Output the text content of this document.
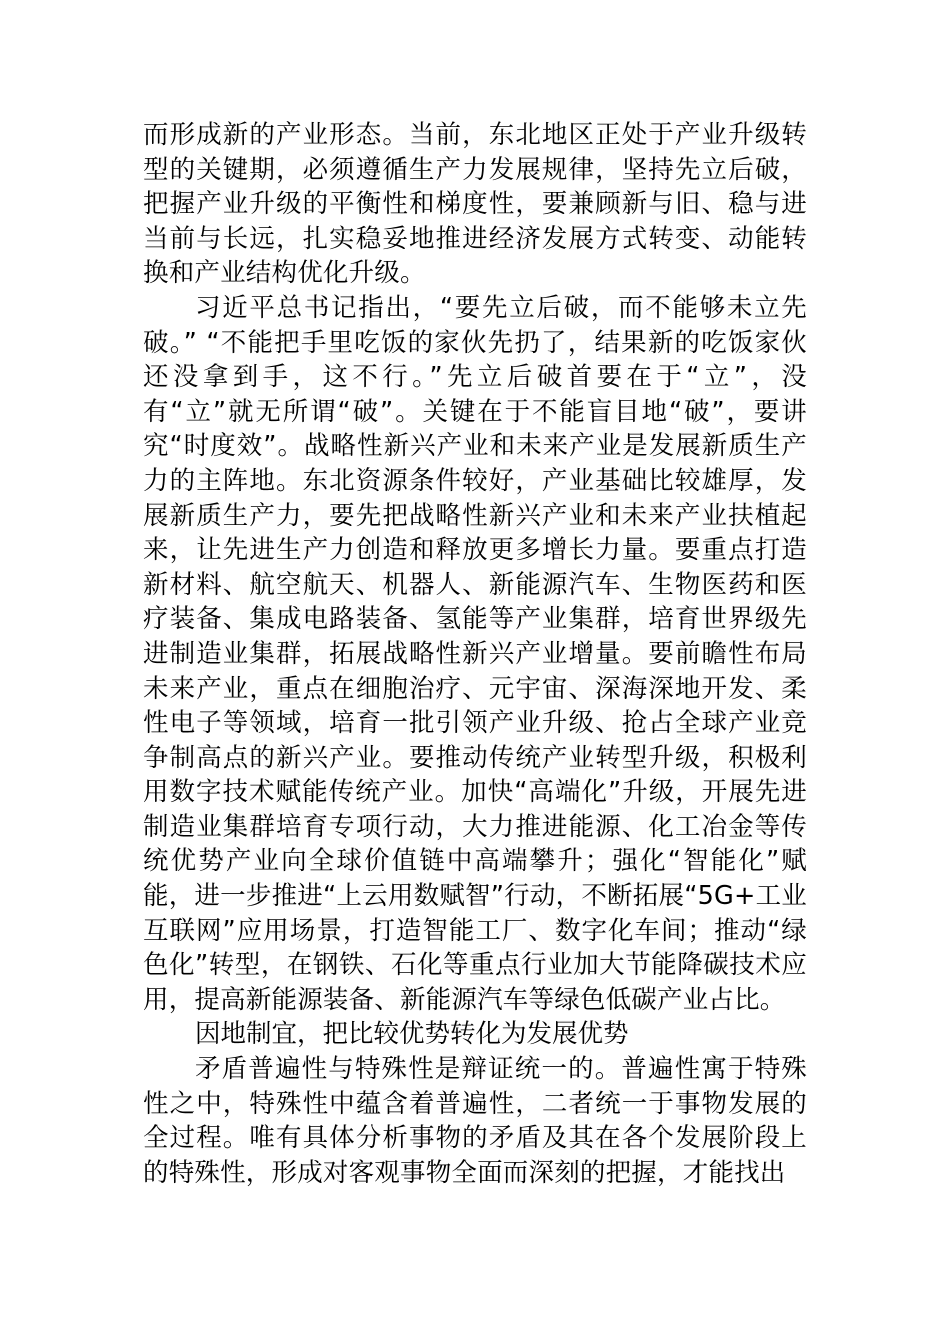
而形成新的产业形态。当前，东北地区正处于产业升级转型的关键期，必须遵循生产力发展规律，坚持先立后破，把握产业升级的平衡性和梯度性，要兼顾新与旧、稳与进当前与长远，扎实稳妥地推进经济发展方式转变、动能转换和产业结构优化升级。

习近平总书记指出，“要先立后破，而不能够未立先破。” “不能把手里吃饭的家伙先扔了，结果新的吃饭家伙还没拿到手，这不行。”先立后破首要在于“立”，没有“立”就无所谓“破”。关键在于不能盲目地“破”，要讲究“时度效”。战略性新兴产业和未来产业是发展新质生产力的主阵地。东北资源条件较好，产业基础比较雄厚，发展新质生产力，要先把战略性新兴产业和未来产业扶植起来，让先进生产力创造和释放更多增长力量。要重点打造新材料、航空航天、机器人、新能源汽车、生物医药和医疗装备、集成电路装备、氢能等产业集群，培育世界级先进制造业集群，拓展战略性新兴产业增量。要前瞻性布局未来产业，重点在细胞治疗、元宇宙、深海深地开发、柔性电子等领域，培育一批引领产业升级、抢占全球产业竞争制高点的新兴产业。要推动传统产业转型升级，积极利用数字技术赋能传统产业。加快“高端化”升级，开展先进制造业集群培育专项行动，大力推进能源、化工冶金等传统优势产业向全球价值链中高端攀升；强化“智能化”赋能，进一步推进“上云用数赋智”行动，不断拓展“5G+工业互联网”应用场景，打造智能工厂、数字化车间；推动“绿色化”转型，在钢铁、石化等重点行业加大节能降碳技术应用，提高新能源装备、新能源汽车等绿色低碳产业占比。

因地制宜，把比较优势转化为发展优势

矛盾普遍性与特殊性是辩证统一的。普遍性寓于特殊性之中，特殊性中蕴含着普遍性，二者统一于事物发展的全过程。唯有具体分析事物的矛盾及其在各个发展阶段上的特殊性，形成对客观事物全面而深刻的把握，才能找出
